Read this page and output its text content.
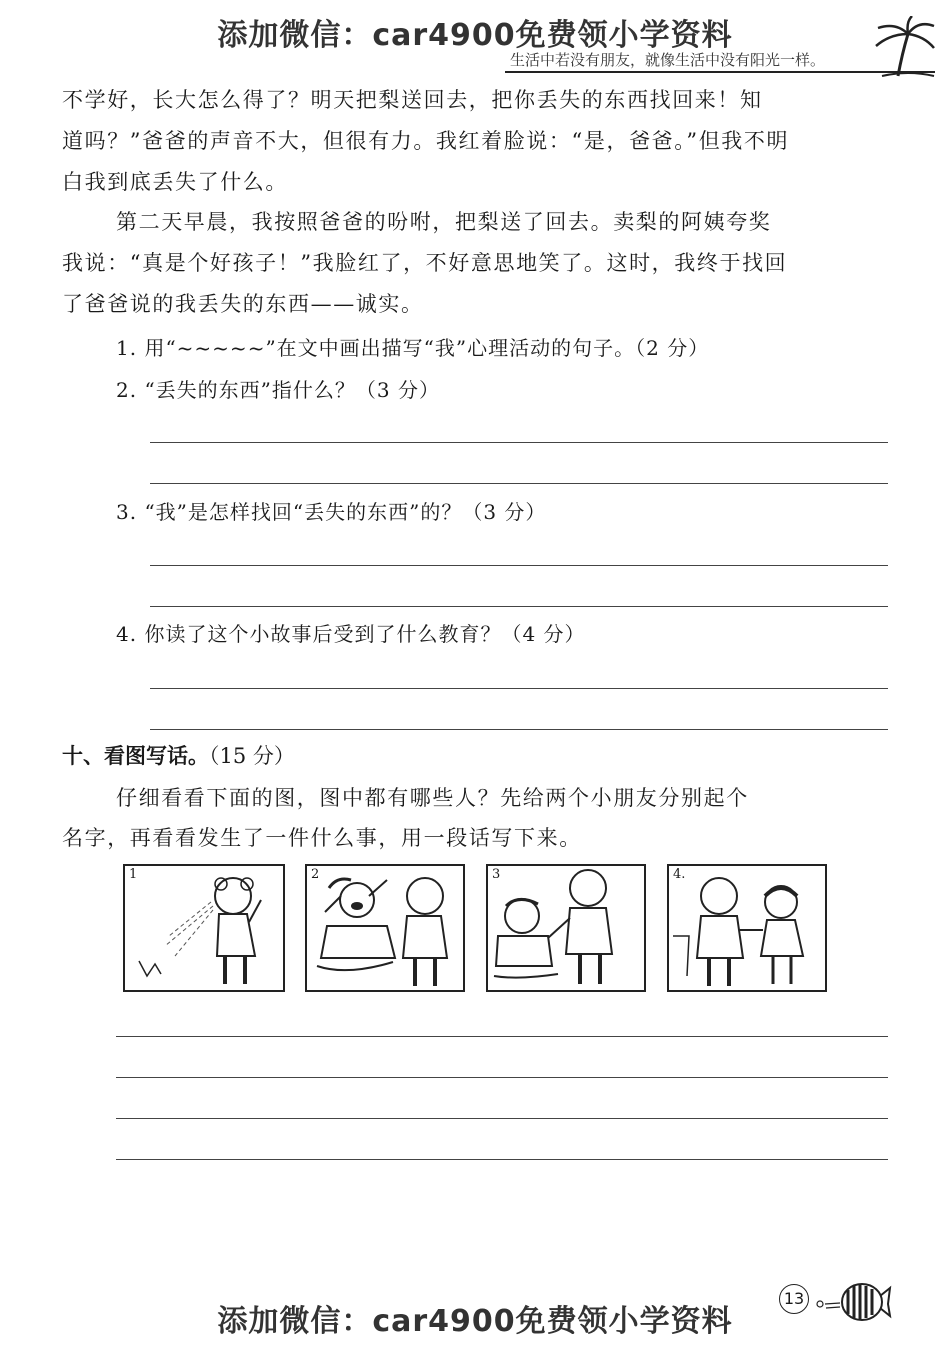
添加微信：car4900免费领小学资料
生活中若没有朋友，就像生活中没有阳光一样。

不学好，长大怎么得了？明天把梨送回去，把你丢失的东西找回来！知

道吗？”爸爸的声音不大，但很有力。我红着脸说：“是，爸爸。”但我不明

白我到底丢失了什么。

第二天早晨，我按照爸爸的吩咐，把梨送了回去。卖梨的阿姨夸奖

我说：“真是个好孩子！”我脸红了，不好意思地笑了。这时，我终于找回

了爸爸说的我丢失的东西——诚实。

1. 用“~~~~~”在文中画出描写“我”心理活动的句子。（2 分）

2. “丢失的东西”指什么？（3 分）

3. “我”是怎样找回“丢失的东西”的？（3 分）

4. 你读了这个小故事后受到了什么教育？（4 分）

十、看图写话。（15 分）

仔细看看下面的图，图中都有哪些人？先给两个小朋友分别起个

名字，再看看发生了一件什么事，用一段话写下来。

1	2	3	4.
添加微信：car4900免费领小学资料
13
